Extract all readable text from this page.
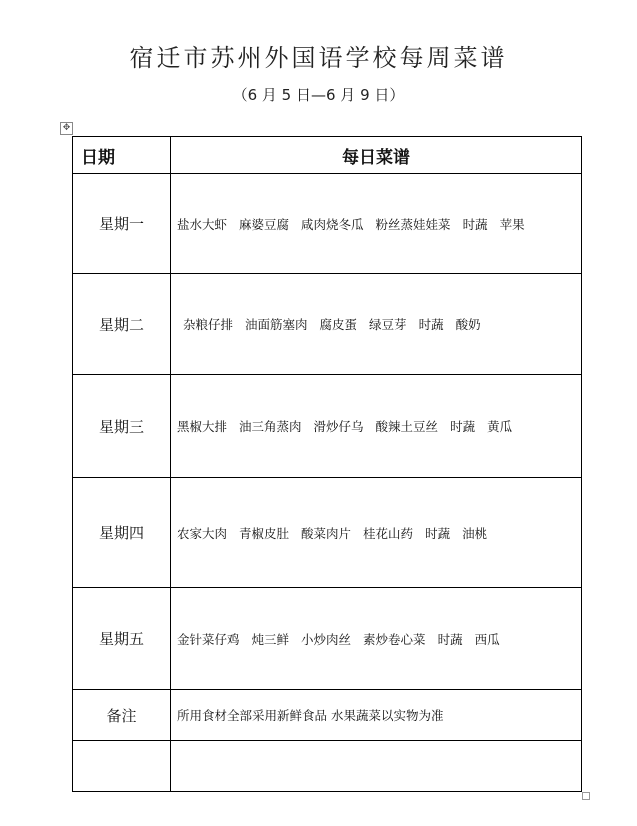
宿迁市苏州外国语学校每周菜谱
（6 月 5 日—6 月 9 日）
✥
日期	每日菜谱
星期一	盐水大虾 麻婆豆腐 咸肉烧冬瓜 粉丝蒸娃娃菜 时蔬 苹果
星期二	杂粮仔排 油面筋塞肉 腐皮蛋 绿豆芽 时蔬 酸奶
星期三	黑椒大排 油三角蒸肉 滑炒仔乌 酸辣土豆丝 时蔬 黄瓜
星期四	农家大肉 青椒皮肚 酸菜肉片 桂花山药 时蔬 油桃
星期五	金针菜仔鸡 炖三鲜 小炒肉丝 素炒卷心菜 时蔬 西瓜
备注	所用食材全部采用新鲜食品 水果蔬菜以实物为准
